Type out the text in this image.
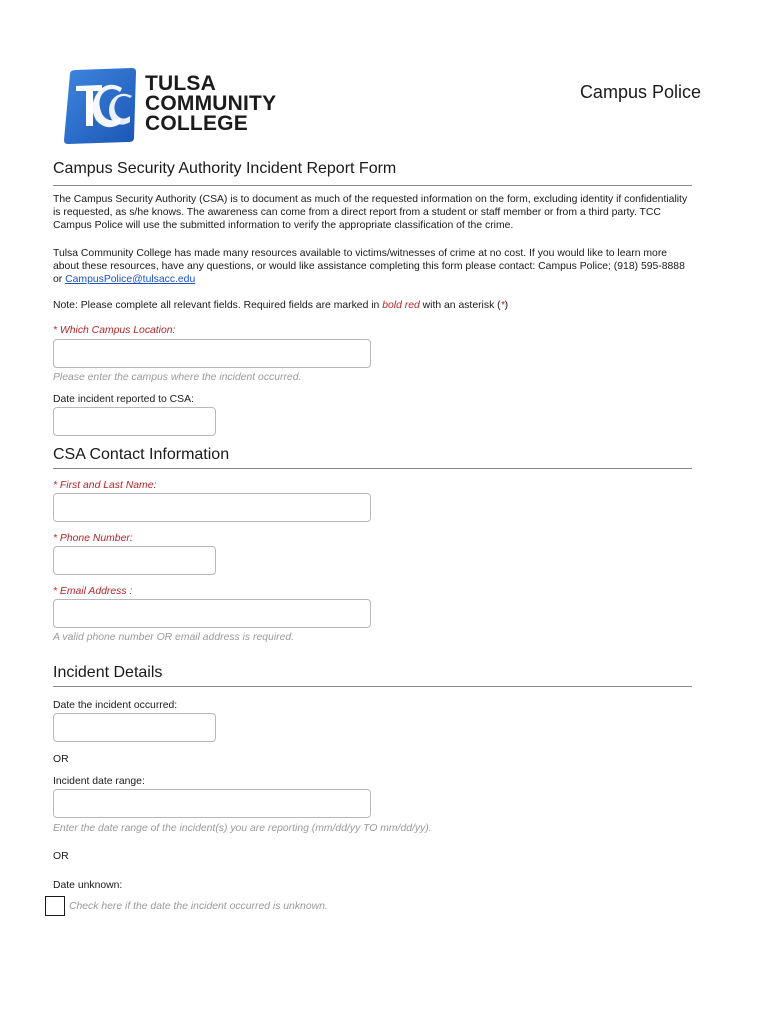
TULSA
COMMUNITY
COLLEGE
Campus Police
Campus Security Authority Incident Report Form
The Campus Security Authority (CSA) is to document as much of the requested information on the form, excluding identity if confidentiality is requested, as s/he knows. The awareness can come from a direct report from a student or staff member or from a third party. TCC Campus Police will use the submitted information to verify the appropriate classification of the crime.
Tulsa Community College has made many resources available to victims/witnesses of crime at no cost. If you would like to learn more about these resources, have any questions, or would like assistance completing this form please contact: Campus Police; (918) 595-8888 or CampusPolice@tulsacc.edu
Note: Please complete all relevant fields. Required fields are marked in bold red with an asterisk (*)
* Which Campus Location:
Please enter the campus where the incident occurred.
Date incident reported to CSA:
CSA Contact Information
* First and Last Name:
* Phone Number:
* Email Address :
A valid phone number OR email address is required.
Incident Details
Date the incident occurred:
OR
Incident date range:
Enter the date range of the incident(s) you are reporting (mm/dd/yy TO mm/dd/yy).
OR
Date unknown:
Check here if the date the incident occurred is unknown.
